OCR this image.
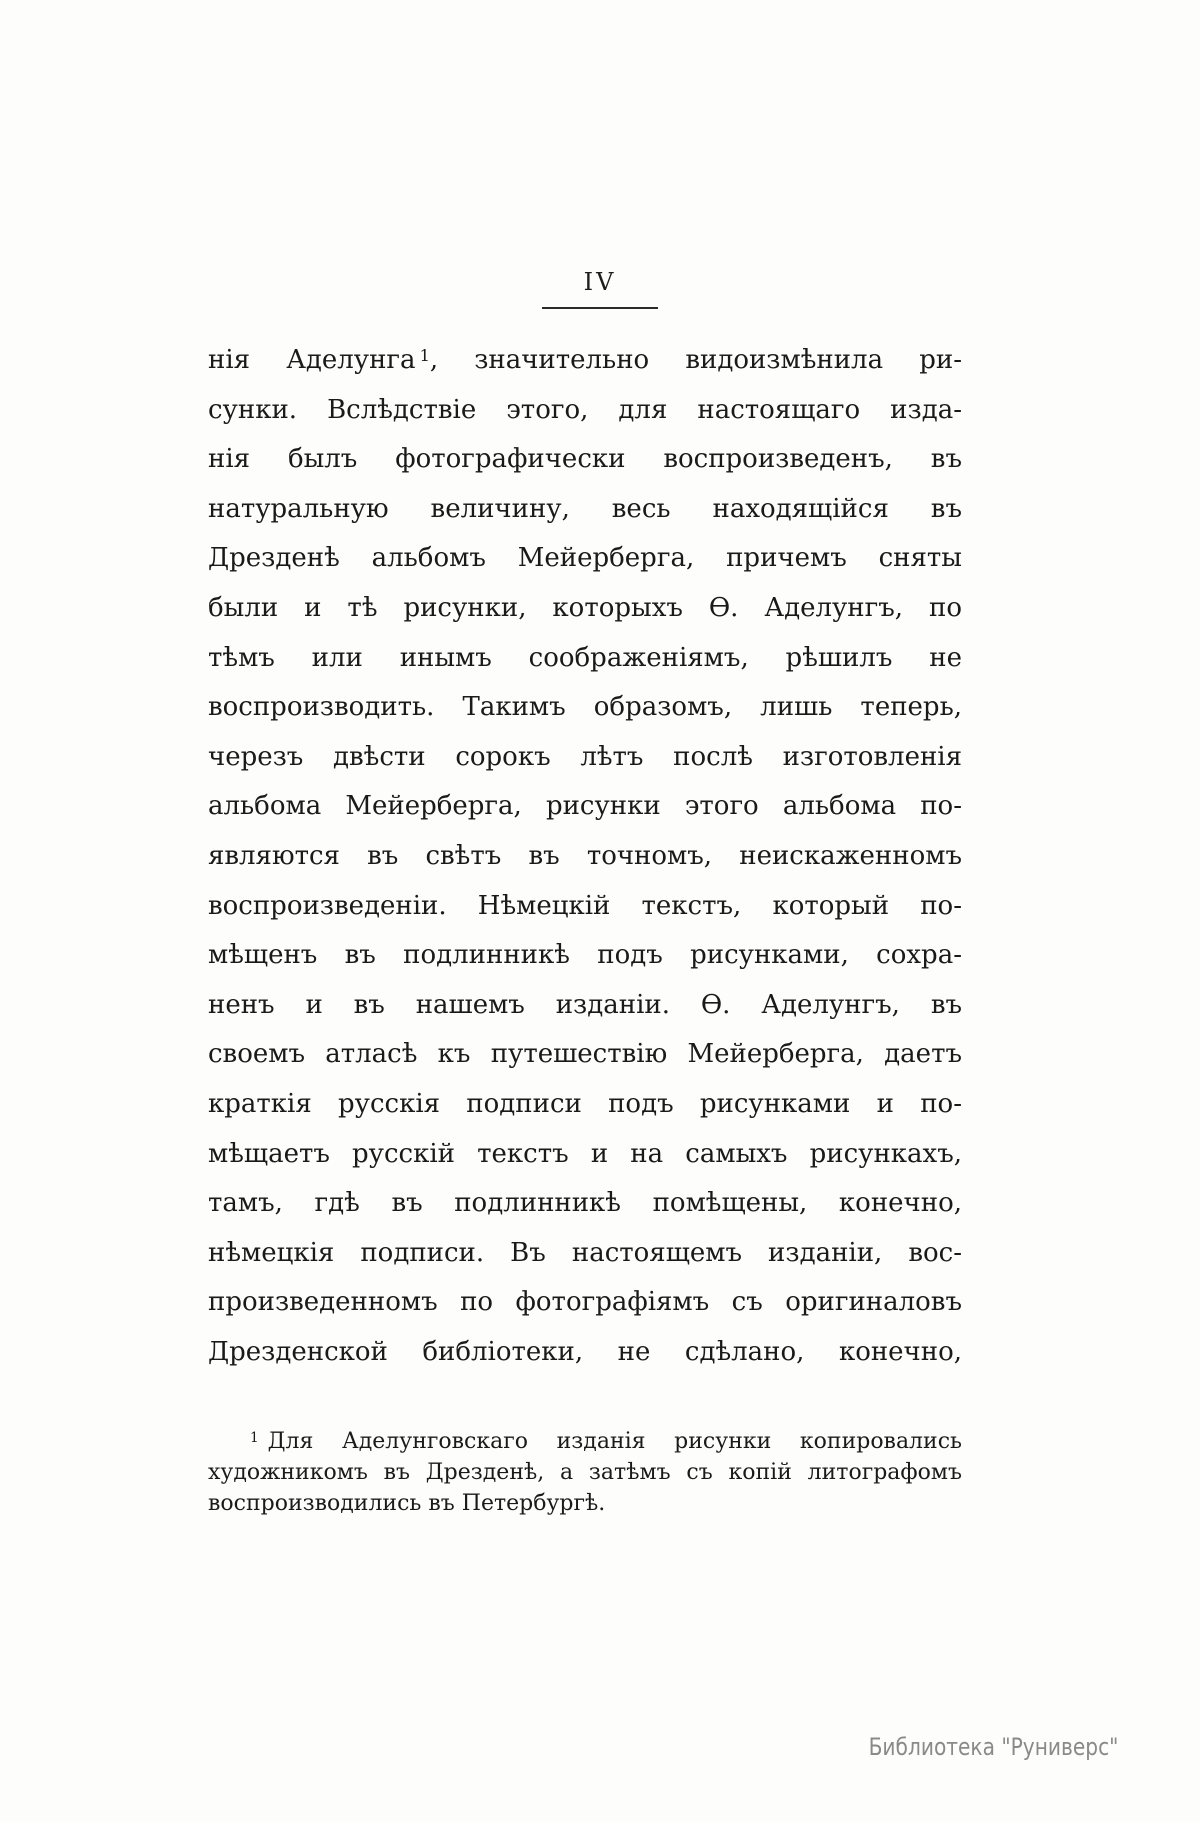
IV
нія Аделунга $^1$, значительно видоизмѣнила ри-
сунки. Вслѣдствіе этого, для настоящаго изда-
нія былъ фотографически воспроизведенъ, въ
натуральную величину, весь находящійся въ
Дрезденѣ альбомъ Мейерберга, причемъ сняты
были и тѣ рисунки, которыхъ Ѳ. Аделунгъ, по
тѣмъ или инымъ соображеніямъ, рѣшилъ не
воспроизводить. Такимъ образомъ, лишь теперь,
черезъ двѣсти сорокъ лѣтъ послѣ изготовленія
альбома Мейерберга, рисунки этого альбома по-
являются въ свѣтъ въ точномъ, неискаженномъ
воспроизведеніи. Нѣмецкій текстъ, который по-
мѣщенъ въ подлинникѣ подъ рисунками, сохра-
ненъ и въ нашемъ изданіи. Ѳ. Аделунгъ, въ
своемъ атласѣ къ путешествію Мейерберга, даетъ
краткія русскія подписи подъ рисунками и по-
мѣщаетъ русскій текстъ и на самыхъ рисункахъ,
тамъ, гдѣ въ подлинникѣ помѣщены, конечно,
нѣмецкія подписи. Въ настоящемъ изданіи, вос-
произведенномъ по фотографіямъ съ оригиналовъ
Дрезденской библіотеки, не сдѣлано, конечно,
$^1$ Для Аделунговскаго изданія рисунки копировались
художникомъ въ Дрезденѣ, а затѣмъ съ копій литографомъ
воспроизводились въ Петербургѣ.
Библиотека "Руниверс"
